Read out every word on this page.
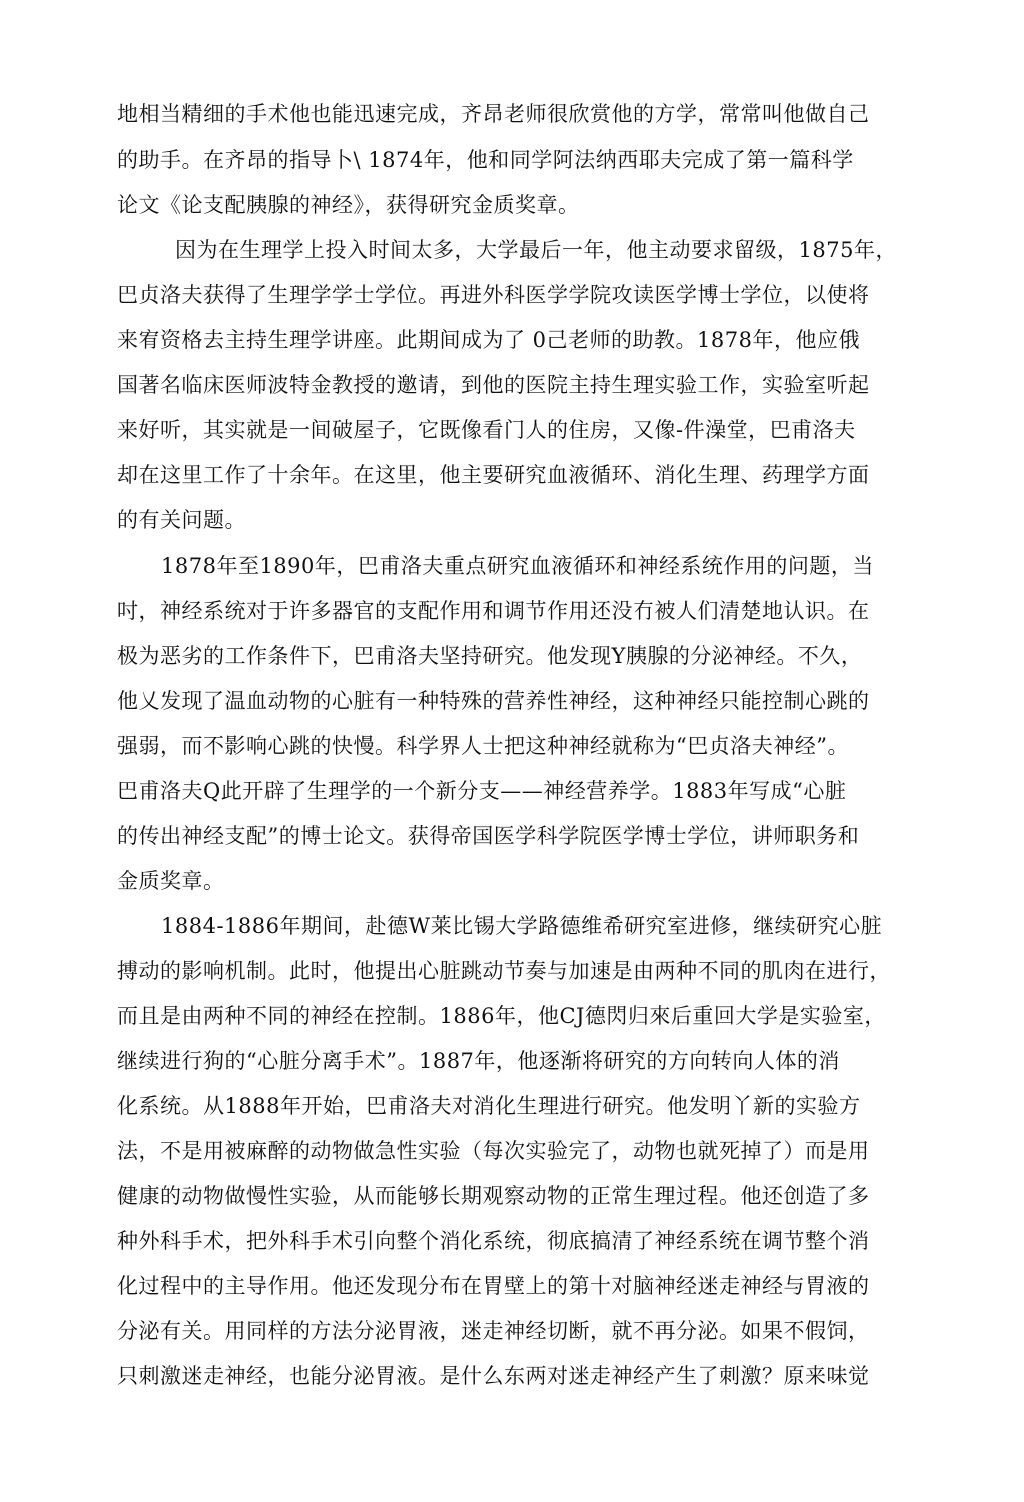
地相当精细的手术他也能迅速完成，齐昂老师很欣赏他的方学，常常叫他做自己
的助手。在齐昂的指导卜\ 1874年，他和同学阿法纳西耶夫完成了第一篇科学
论文《论支配胰腺的神经》，获得研究金质奖章。
因为在生理学上投入时间太多，大学最后一年，他主动要求留级，1875年，
巴贞洛夫获得了生理学学士学位。再进外科医学学院攻读医学博士学位，以使将
来宥资格去主持生理学讲座。此期间成为了 0己老师的助教。1878年，他应俄
国著名临床医师波特金教授的邀请，到他的医院主持生理实验工作，实验室听起
来好听，其实就是一间破屋子，它既像看门人的住房，又像-件澡堂，巴甫洛夫
却在这里工作了十余年。在这里，他主要研究血液循环、消化生理、药理学方面
的有关问题。
1878年至1890年，巴甫洛夫重点研究血液循环和神经系统作用的问题，当
吋，神经系统对于许多器官的支配作用和调节作用还没冇被人们清楚地认识。在
极为恶劣的工作条件下，巴甫洛夫坚持研究。他发现Y胰腺的分泌神经。不久，
他乂发现了温血动物的心脏有一种特殊的营养性神经，这种神经只能控制心跳的
强弱，而不影响心跳的快慢。科学界人士把这种神经就称为“巴贞洛夫神经”。
巴甫洛夫Q此开辟了生理学的一个新分支——神经营养学。1883年写成“心脏
的传出神经支配”的博士论文。获得帝国医学科学院医学博士学位，讲师职务和
金质奖章。
1884-1886年期间，赴德W莱比锡大学路德维希研究室进修，继续研究心脏
搏动的影响机制。此时，他提出心脏跳动节奏与加速是由两种不同的肌肉在进行，
而且是由两种不同的神经在控制。1886年，他CJ德閃归來后重回大学是实验室，
继续进行狗的“心脏分离手术”。1887年，他逐渐将研究的方向转向人体的消
化系统。从1888年开始，巴甫洛夫对消化生理进行研究。他发明丫新的实验方
法，不是用被麻醉的动物做急性实验（每次实验完了，动物也就死掉了）而是用
健康的动物做慢性实验，从而能够长期观察动物的正常生理过程。他还创造了多
种外科手术，把外科手术引向整个消化系统，彻底搞清了神经系统在调节整个消
化过程中的主导作用。他还发现分布在胃壁上的第十对脑神经迷走神经与胃液的
分泌有关。用同样的方法分泌胃液，迷走神经切断，就不再分泌。如果不假饲，
只刺激迷走神经，也能分泌胃液。是什么东两对迷走神经产生了刺激？原来味觉
